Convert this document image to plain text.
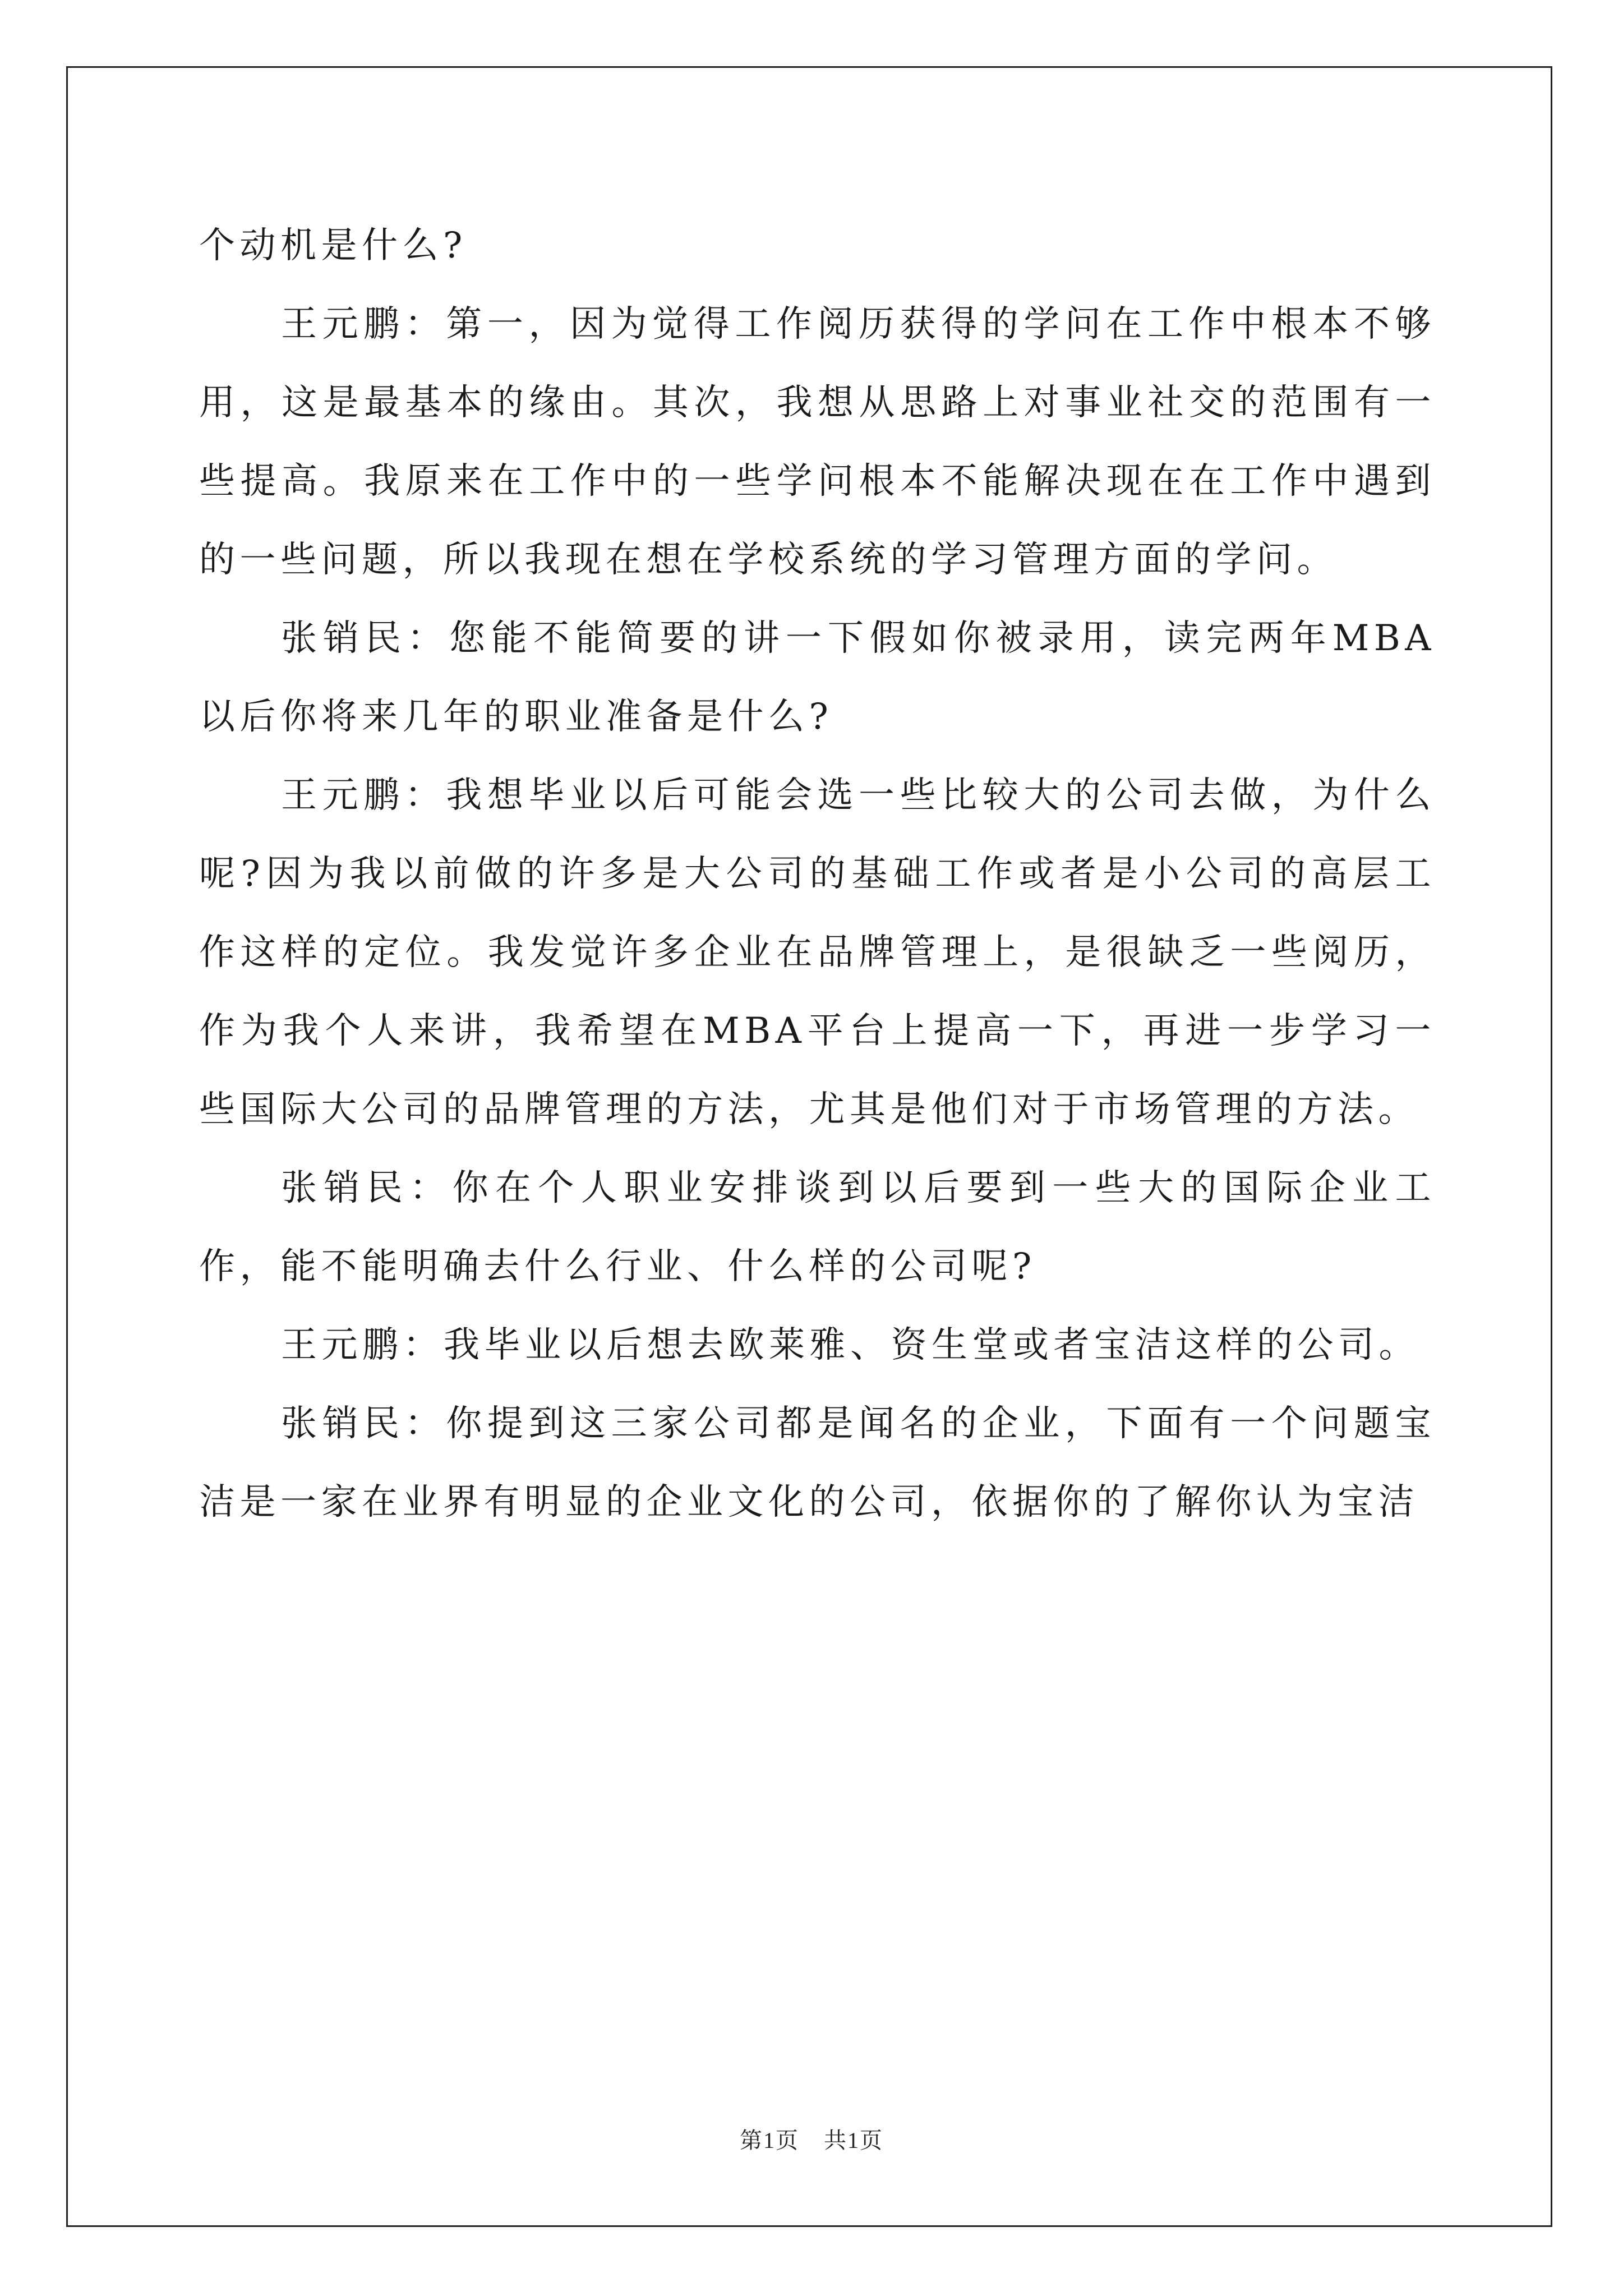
个动机是什么?

王元鹏：第一，因为觉得工作阅历获得的学问在工作中根本不够用，这是最基本的缘由。其次，我想从思路上对事业社交的范围有一些提高。我原来在工作中的一些学问根本不能解决现在在工作中遇到的一些问题，所以我现在想在学校系统的学习管理方面的学问。

张销民：您能不能简要的讲一下假如你被录用，读完两年MBA以后你将来几年的职业准备是什么?

王元鹏：我想毕业以后可能会选一些比较大的公司去做，为什么呢?因为我以前做的许多是大公司的基础工作或者是小公司的高层工作这样的定位。我发觉许多企业在品牌管理上，是很缺乏一些阅历，作为我个人来讲，我希望在MBA平台上提高一下，再进一步学习一些国际大公司的品牌管理的方法，尤其是他们对于市场管理的方法。

张销民：你在个人职业安排谈到以后要到一些大的国际企业工作，能不能明确去什么行业、什么样的公司呢?

王元鹏：我毕业以后想去欧莱雅、资生堂或者宝洁这样的公司。

张销民：你提到这三家公司都是闻名的企业，下面有一个问题宝洁是一家在业界有明显的企业文化的公司，依据你的了解你认为宝洁

第1页 共1页
